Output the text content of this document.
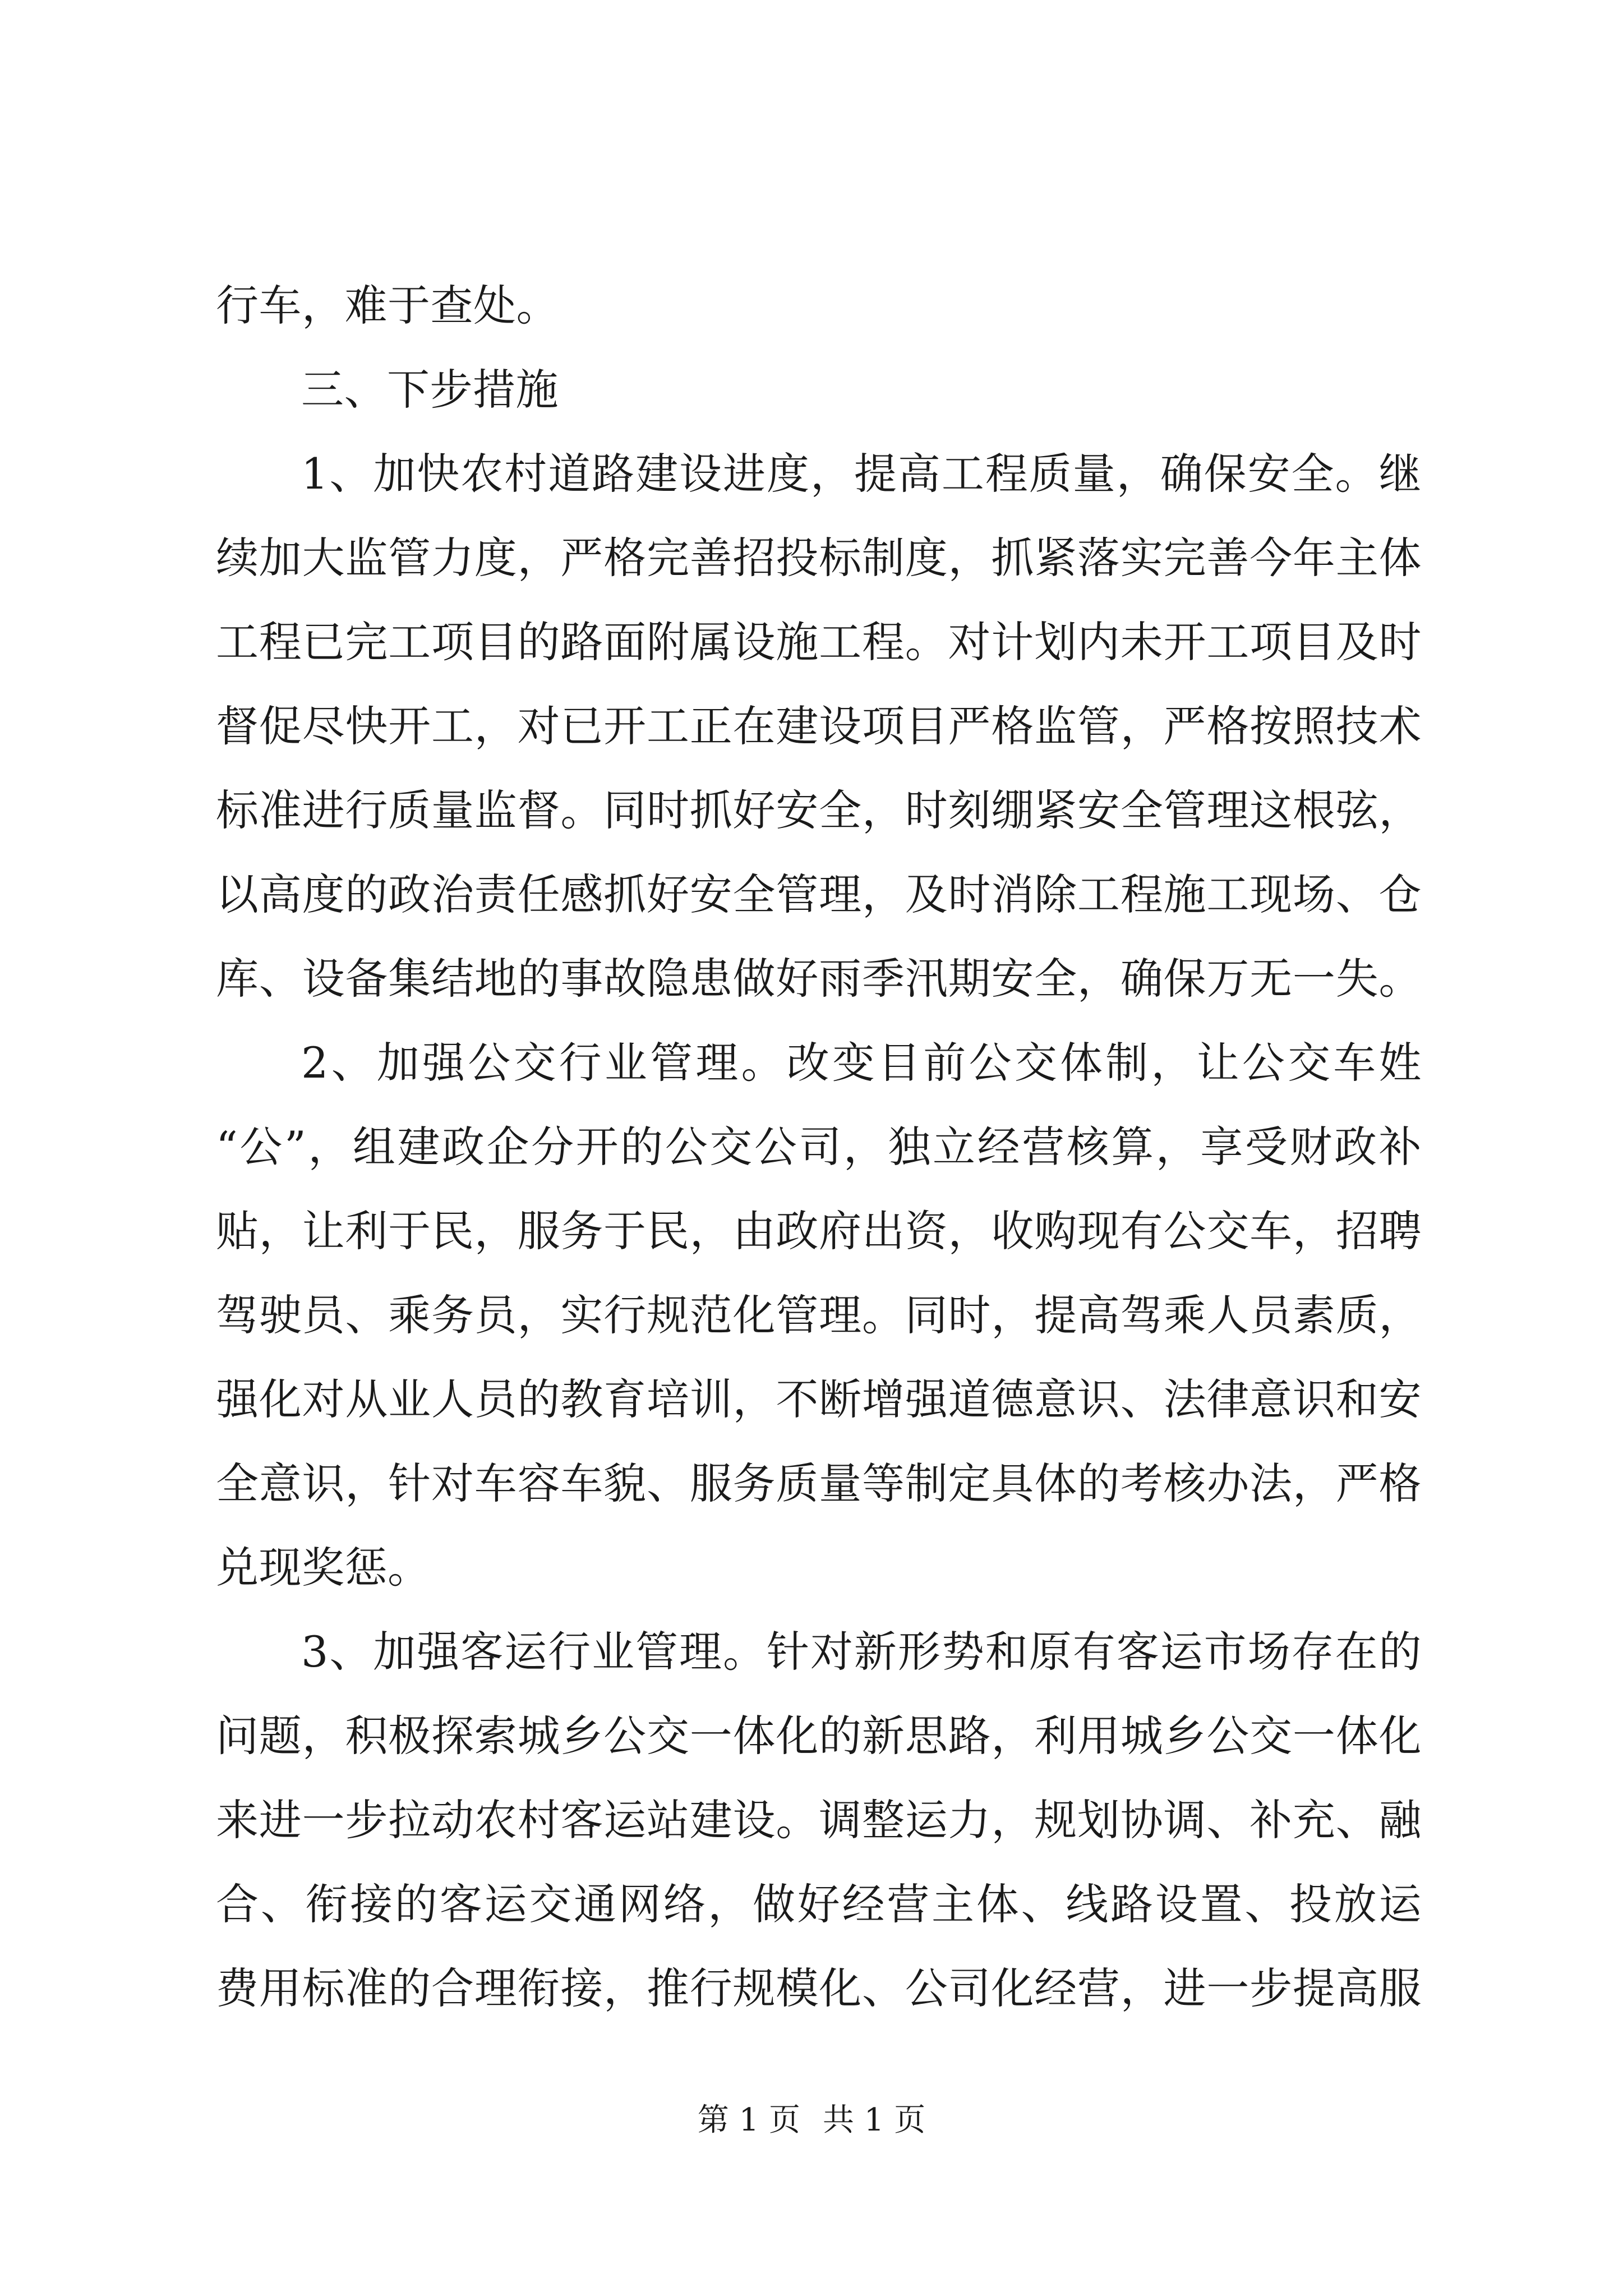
行车，难于查处。
三、下步措施
1、加快农村道路建设进度，提高工程质量，确保安全。继
续加大监管力度，严格完善招投标制度，抓紧落实完善今年主体
工程已完工项目的路面附属设施工程。对计划内未开工项目及时
督促尽快开工，对已开工正在建设项目严格监管，严格按照技术
标准进行质量监督。同时抓好安全，时刻绷紧安全管理这根弦，
以高度的政治责任感抓好安全管理，及时消除工程施工现场、仓
库、设备集结地的事故隐患做好雨季汛期安全，确保万无一失。
2、加强公交行业管理。改变目前公交体制，让公交车姓
“公”，组建政企分开的公交公司，独立经营核算，享受财政补
贴，让利于民，服务于民，由政府出资，收购现有公交车，招聘
驾驶员、乘务员，实行规范化管理。同时，提高驾乘人员素质，
强化对从业人员的教育培训，不断增强道德意识、法律意识和安
全意识，针对车容车貌、服务质量等制定具体的考核办法，严格
兑现奖惩。
3、加强客运行业管理。针对新形势和原有客运市场存在的
问题，积极探索城乡公交一体化的新思路，利用城乡公交一体化
来进一步拉动农村客运站建设。调整运力，规划协调、补充、融
合、衔接的客运交通网络，做好经营主体、线路设置、投放运
费用标准的合理衔接，推行规模化、公司化经营，进一步提高服
第 1 页 共 1 页
